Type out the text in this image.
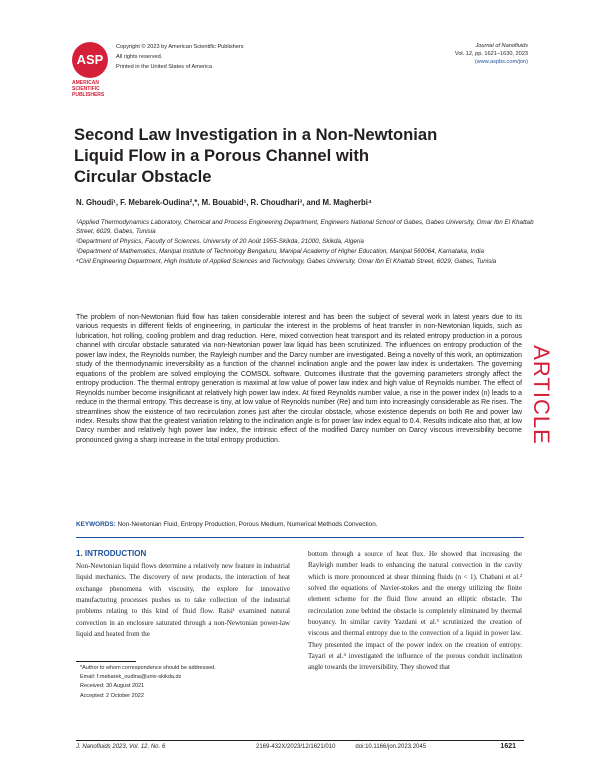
ASP
AMERICAN SCIENTIFIC PUBLISHERS
Copyright © 2023 by American Scientific Publishers
All rights reserved.
Printed in the United States of America
Journal of Nanofluids
Vol. 12, pp. 1621–1630, 2023
(www.aspbs.com/jon)
Second Law Investigation in a Non-Newtonian
Liquid Flow in a Porous Channel with
Circular Obstacle
N. Ghoudi¹, F. Mebarek-Oudina²,*, M. Bouabid¹, R. Choudhari³, and M. Magherbi⁴
¹Applied Thermodynamics Laboratory, Chemical and Process Engineering Department, Engineers National School of Gabes, Gabes University, Omar Ibn El Khattab Street, 6029, Gabes, Tunisia
²Department of Physics, Faculty of Sciences, University of 20 Août 1955-Skikda, 21000, Skikda, Algeria
³Department of Mathematics, Manipal Institute of Technology Bengaluru, Manipal Academy of Higher Education, Manipal 560064, Karnataka, India
⁴Civil Engineering Department, High Institute of Applied Sciences and Technology, Gabes University, Omar Ibn El Khattab Street, 6029, Gabes, Tunisia
The problem of non-Newtonian fluid flow has taken considerable interest and has been the subject of several work in latest years due to its various requests in different fields of engineering, in particular the interest in the problems of heat transfer in non-Newtonian liquids, such as lubrication, hot rolling, cooling problem and drag reduction. Here, mixed convection heat transport and its related entropy production in a porous channel with circular obstacle saturated via non-Newtonian power law liquid has been scrutinized. The influences on entropy production of the power law index, the Reynolds number, the Rayleigh number and the Darcy number are investigated. Being a novelty of this work, an optimization study of the thermodynamic irreversibility as a function of the channel inclination angle and the power law index is undertaken. The governing equations of the problem are solved employing the COMSOL software. Outcomes illustrate that the governing parameters strongly affect the entropy production. The thermal entropy generation is maximal at low value of power law index and high value of Reynolds number. The effect of Reynolds number become insignificant at relatively high power law index. At fixed Reynolds number value, a rise in the power index (n) leads to a reduce in the thermal entropy. This decrease is tiny, at low value of Reynolds number (Re) and turn into increasingly considerable as Re rises. The streamlines show the existence of two recirculation zones just after the circular obstacle, whose existence depends on both Re and power law index. Results show that the greatest variation relating to the inclination angle is for power law index equal to 0.4. Results indicate also that, at low Darcy number and relatively high power law index, the intrinsic effect of the modified Darcy number on Darcy viscous irreversibility become pronounced giving a sharp increase in the total entropy production.	ARTICLE
KEYWORDS: Non-Newtonian Fluid, Entropy Production, Porous Medium, Numerical Methods Convection.
1. INTRODUCTION
Non-Newtonian liquid flows determine a relatively new feature in industrial liquid mechanics. The discovery of new products, the interaction of heat exchange phenomena with viscosity, the explore for innovative manufacturing processes pushes us to take collection of the industrial problems relating to this kind of fluid flow. Raisi¹ examined natural convection in an enclosure saturated through a non-Newtonian power-law liquid and heated from the
bottom through a source of heat flux. He showed that increasing the Rayleigh number leads to enhancing the natural convection in the cavity which is more pronounced at shear thinning fluids (n < 1). Chabani et al.² solved the equations of Navier-stokes and the energy utilizing the finite element scheme for the fluid flow around an elliptic obstacle. The recirculation zone behind the obstacle is completely eliminated by thermal buoyancy. In similar cavity Yazdani et al.³ scrutinized the creation of viscous and thermal entropy due to the convection of a liquid in power law. They presented the impact of the power index on the creation of entropy. Tayari et al.⁴ investigated the influence of the porous conduit inclination angle towards the irreversibility. They showed that
*Author to whom correspondence should be addressed.
Email: f.mebarek_oudina@univ-skikda.dz
Received: 30 August 2021
Accepted: 2 October 2022
J. Nanofluids 2023, Vol. 12, No. 6	2169-432X/2023/12/1621/010	doi:10.1166/jon.2023.2045	1621
